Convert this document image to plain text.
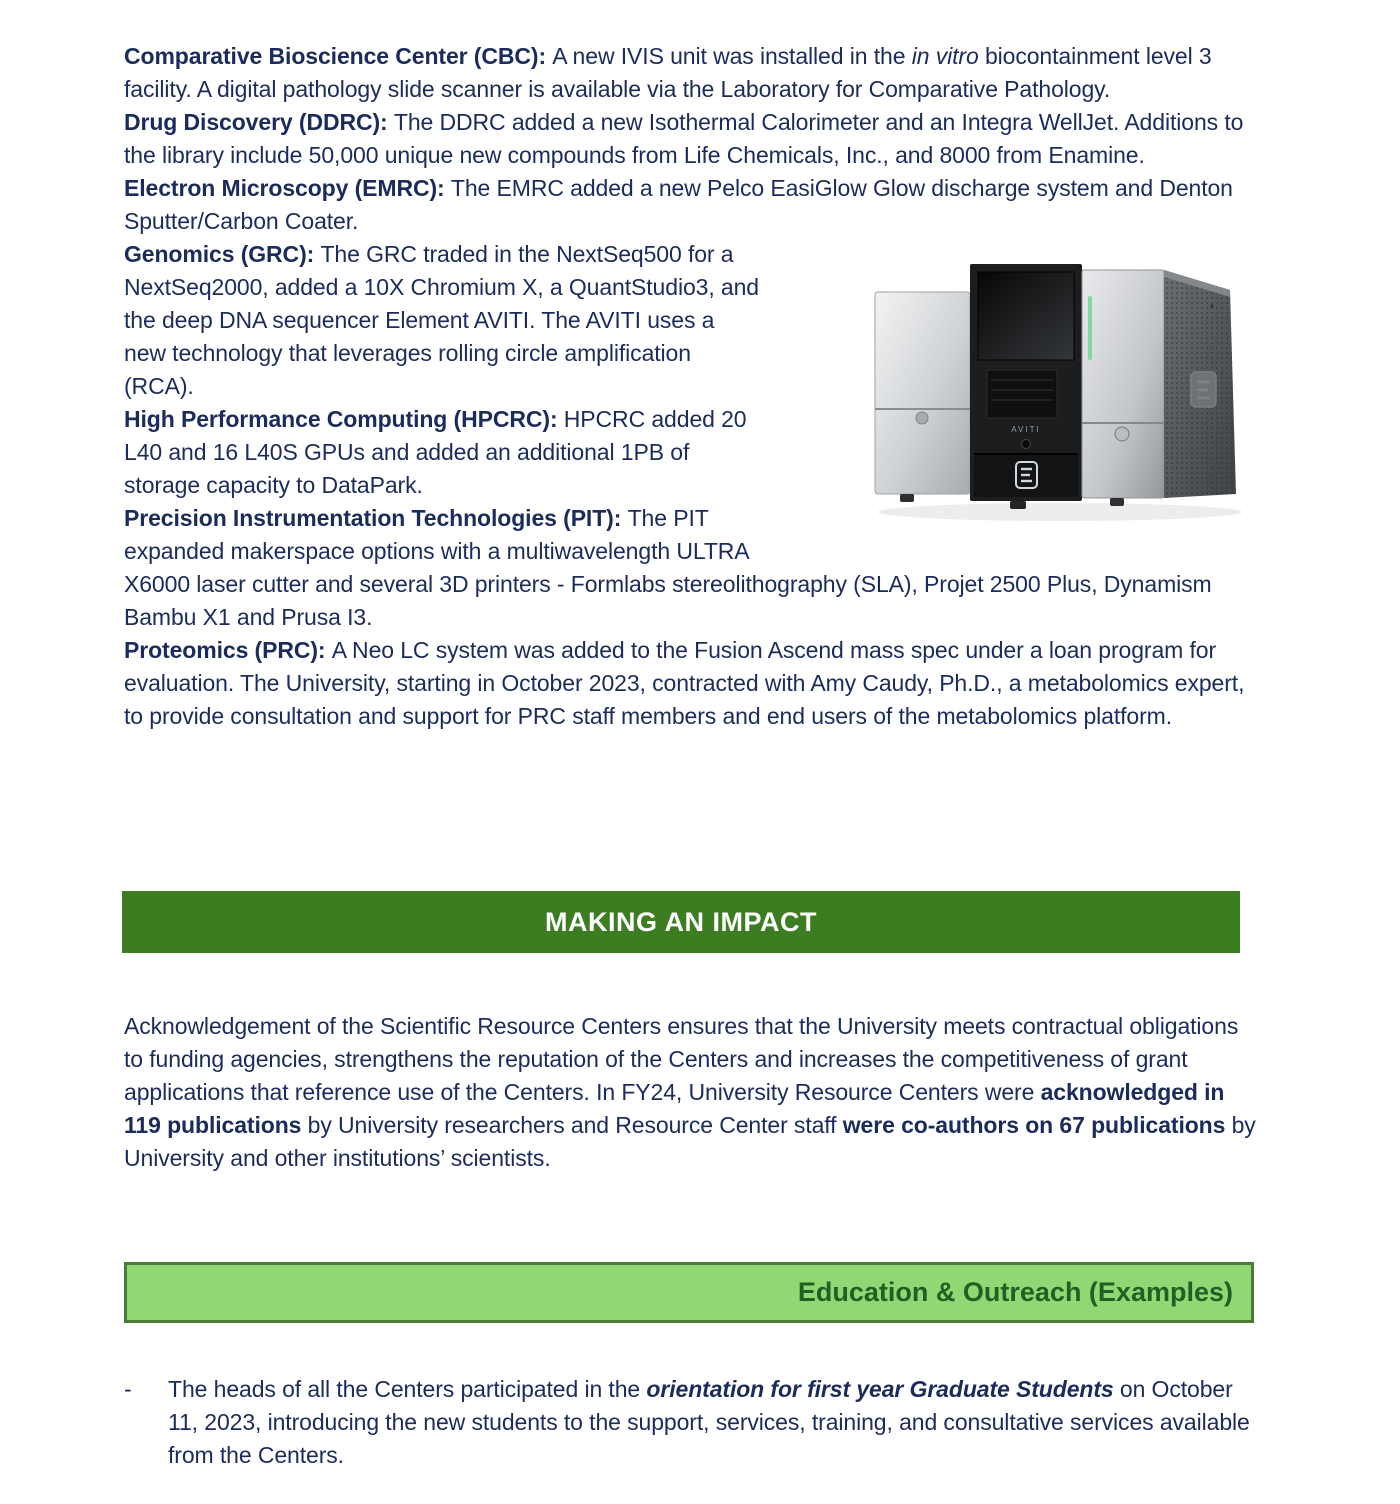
Comparative Bioscience Center (CBC): A new IVIS unit was installed in the in vitro biocontainment level 3 facility. A digital pathology slide scanner is available via the Laboratory for Comparative Pathology.

Drug Discovery (DDRC): The DDRC added a new Isothermal Calorimeter and an Integra WellJet. Additions to the library include 50,000 unique new compounds from Life Chemicals, Inc., and 8000 from Enamine.

Electron Microscopy (EMRC): The EMRC added a new Pelco EasiGlow Glow discharge system and Denton Sputter/Carbon Coater.

AVITI

Genomics (GRC): The GRC traded in the NextSeq500 for a NextSeq2000, added a 10X Chromium X, a QuantStudio3, and the deep DNA sequencer Element AVITI. The AVITI uses a new technology that leverages rolling circle amplification (RCA).

High Performance Computing (HPCRC): HPCRC added 20 L40 and 16 L40S GPUs and added an additional 1PB of storage capacity to DataPark.

Precision Instrumentation Technologies (PIT): The PIT expanded makerspace options with a multiwavelength ULTRA X6000 laser cutter and several 3D printers - Formlabs stereolithography (SLA), Projet 2500 Plus, Dynamism Bambu X1 and Prusa I3.

Proteomics (PRC): A Neo LC system was added to the Fusion Ascend mass spec under a loan program for evaluation. The University, starting in October 2023, contracted with Amy Caudy, Ph.D., a metabolomics expert, to provide consultation and support for PRC staff members and end users of the metabolomics platform.

MAKING AN IMPACT

Acknowledgement of the Scientific Resource Centers ensures that the University meets contractual obligations to funding agencies, strengthens the reputation of the Centers and increases the competitiveness of grant applications that reference use of the Centers. In FY24, University Resource Centers were acknowledged in 119 publications by University researchers and Resource Center staff were co-authors on 67 publications by University and other institutions’ scientists.

Education & Outreach (Examples)
-	The heads of all the Centers participated in the orientation for first year Graduate Students on October 11, 2023, introducing the new students to the support, services, training, and consultative services available from the Centers.
